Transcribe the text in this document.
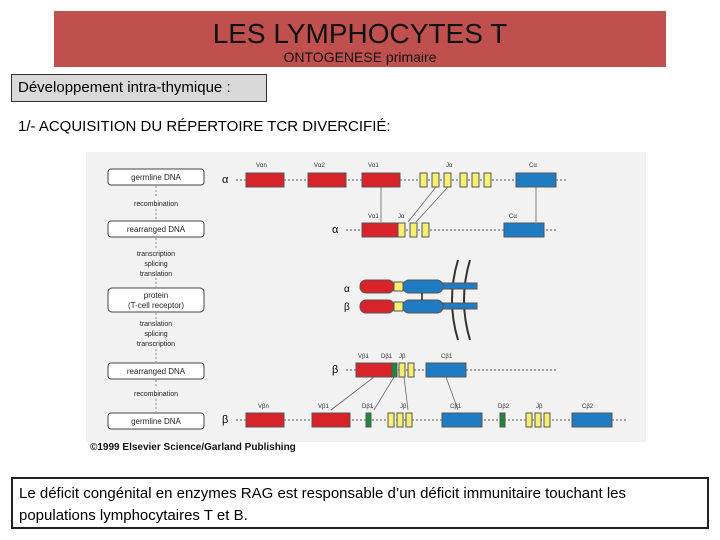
LES LYMPHOCYTES T
ONTOGENESE primaire
Développement intra-thymique :
1/- ACQUISITION DU RÉPERTOIRE TCR DIVERCIFIÉ:
germline DNA
recombination
rearranged DNA
transcription
splicing
translation
protein
(T-cell receptor)
translation
splicing
transcription
rearranged DNA
recombination
germline DNA
α
Vαn	Vα2	Vα1	Jα	Cα
α
Vα1	Jα	Cα
α
β
β
Vβ1 Dβ1 Jβ	Cβ1
β
Vβn	Vβ1	Dβ1	Jβ	Cβ1	Dβ2	Jβ	Cβ2
©1999 Elsevier Science/Garland Publishing
Le déficit congénital en enzymes RAG est responsable d’un déficit immunitaire touchant les
populations lymphocytaires T et B.
